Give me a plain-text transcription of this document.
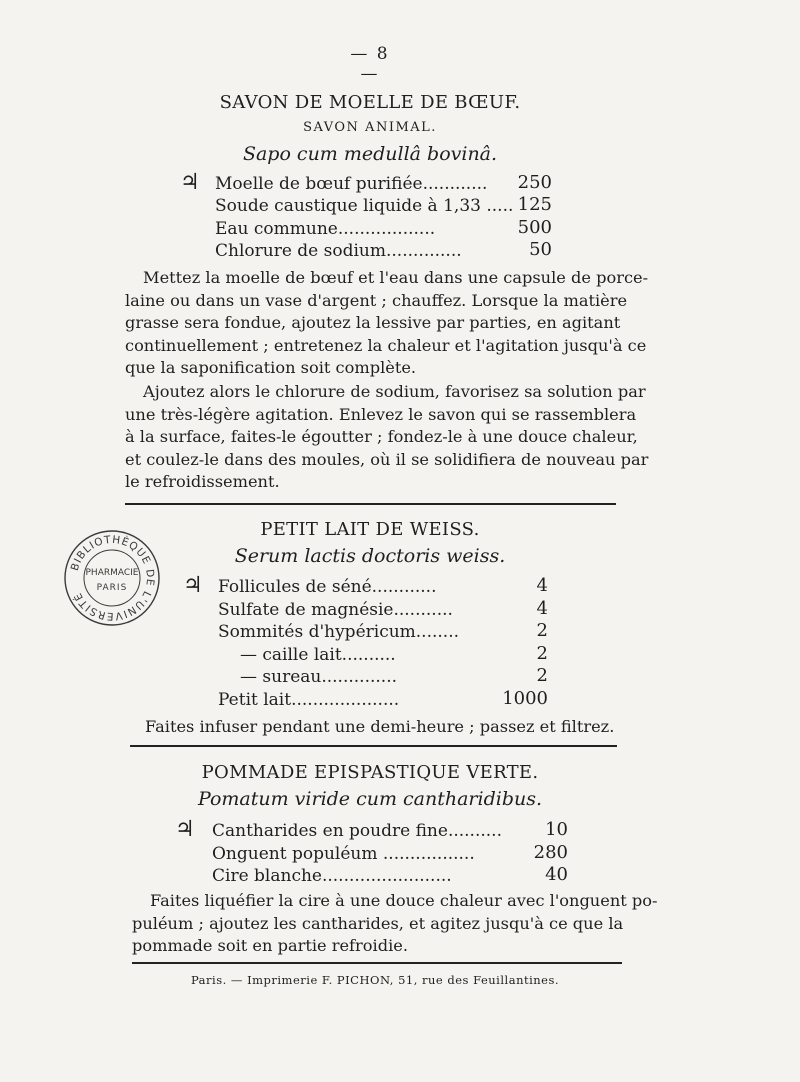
— 8 —
SAVON DE MOELLE DE BŒUF.
SAVON ANIMAL.
Sapo cum medullâ bovinâ.
♃ Moelle de bœuf purifiée............	250
Soude caustique liquide à 1,33 ..... 125
Eau commune..................	500
Chlorure de sodium..............	50
Mettez la moelle de bœuf et l'eau dans une capsule de porce-
laine ou dans un vase d'argent ; chauffez. Lorsque la matière
grasse sera fondue, ajoutez la lessive par parties, en agitant
continuellement ; entretenez la chaleur et l'agitation jusqu'à ce
que la saponification soit complète.
Ajoutez alors le chlorure de sodium, favorisez sa solution par
une très-légère agitation. Enlevez le savon qui se rassemblera
à la surface, faites-le égoutter ; fondez-le à une douce chaleur,
et coulez-le dans des moules, où il se solidifiera de nouveau par
le refroidissement.
PETIT LAIT DE WEISS.
Serum lactis doctoris weiss.
♃ Follicules de séné............	4
Sulfate de magnésie...........	4
Sommités d'hypéricum........	2
— caille lait..........	2
— sureau..............	2
Petit lait....................	1000
Faites infuser pendant une demi-heure ; passez et filtrez.
POMMADE EPISPASTIQUE VERTE.
Pomatum viride cum cantharidibus.
♃ Cantharides en poudre fine..........	10
Onguent populéum .................	280
Cire blanche........................	40
Faites liquéfier la cire à une douce chaleur avec l'onguent po-
puléum ; ajoutez les cantharides, et agitez jusqu'à ce que la
pommade soit en partie refroidie.
Paris. — Imprimerie F. PICHON, 51, rue des Feuillantines.
BIBLIOTHÈQUE DE L'UNIVERSITÉ
PHARMACIE
PARIS
